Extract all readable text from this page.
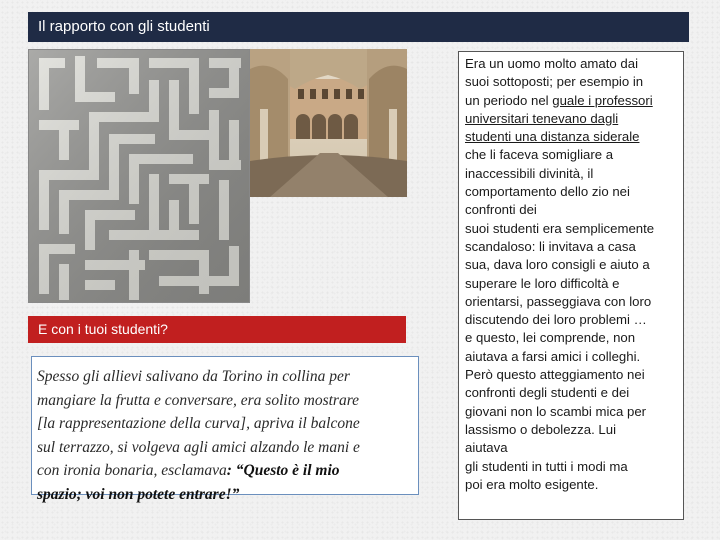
Il rapporto con gli studenti
E con i tuoi studenti?
Spesso gli allievi salivano da Torino in collina per
mangiare la frutta e conversare, era solito mostrare
[la rappresentazione della curva], apriva il balcone
sul terrazzo, si volgeva agli amici alzando le mani e
con ironia bonaria, esclamava: “Questo è il mio
spazio; voi non potete entrare!”
Era un uomo molto amato dai
suoi sottoposti; per esempio in
un periodo nel guale i professori
universitari tenevano dagli
studenti una distanza siderale
che li faceva somigliare a
inaccessibili divinità, il
comportamento dello zio nei
confronti dei
suoi studenti era semplicemente
scandaloso: li invitava a casa
sua, dava loro consigli e aiuto a
superare le loro difficoltà e
orientarsi, passeggiava con loro
discutendo dei loro problemi …
e questo, lei comprende, non
aiutava a farsi amici i colleghi.
Però questo atteggiamento nei
confronti degli studenti e dei
giovani non lo scambi mica per
lassismo o debolezza. Lui
aiutava
gli studenti in tutti i modi ma
poi era molto esigente.
